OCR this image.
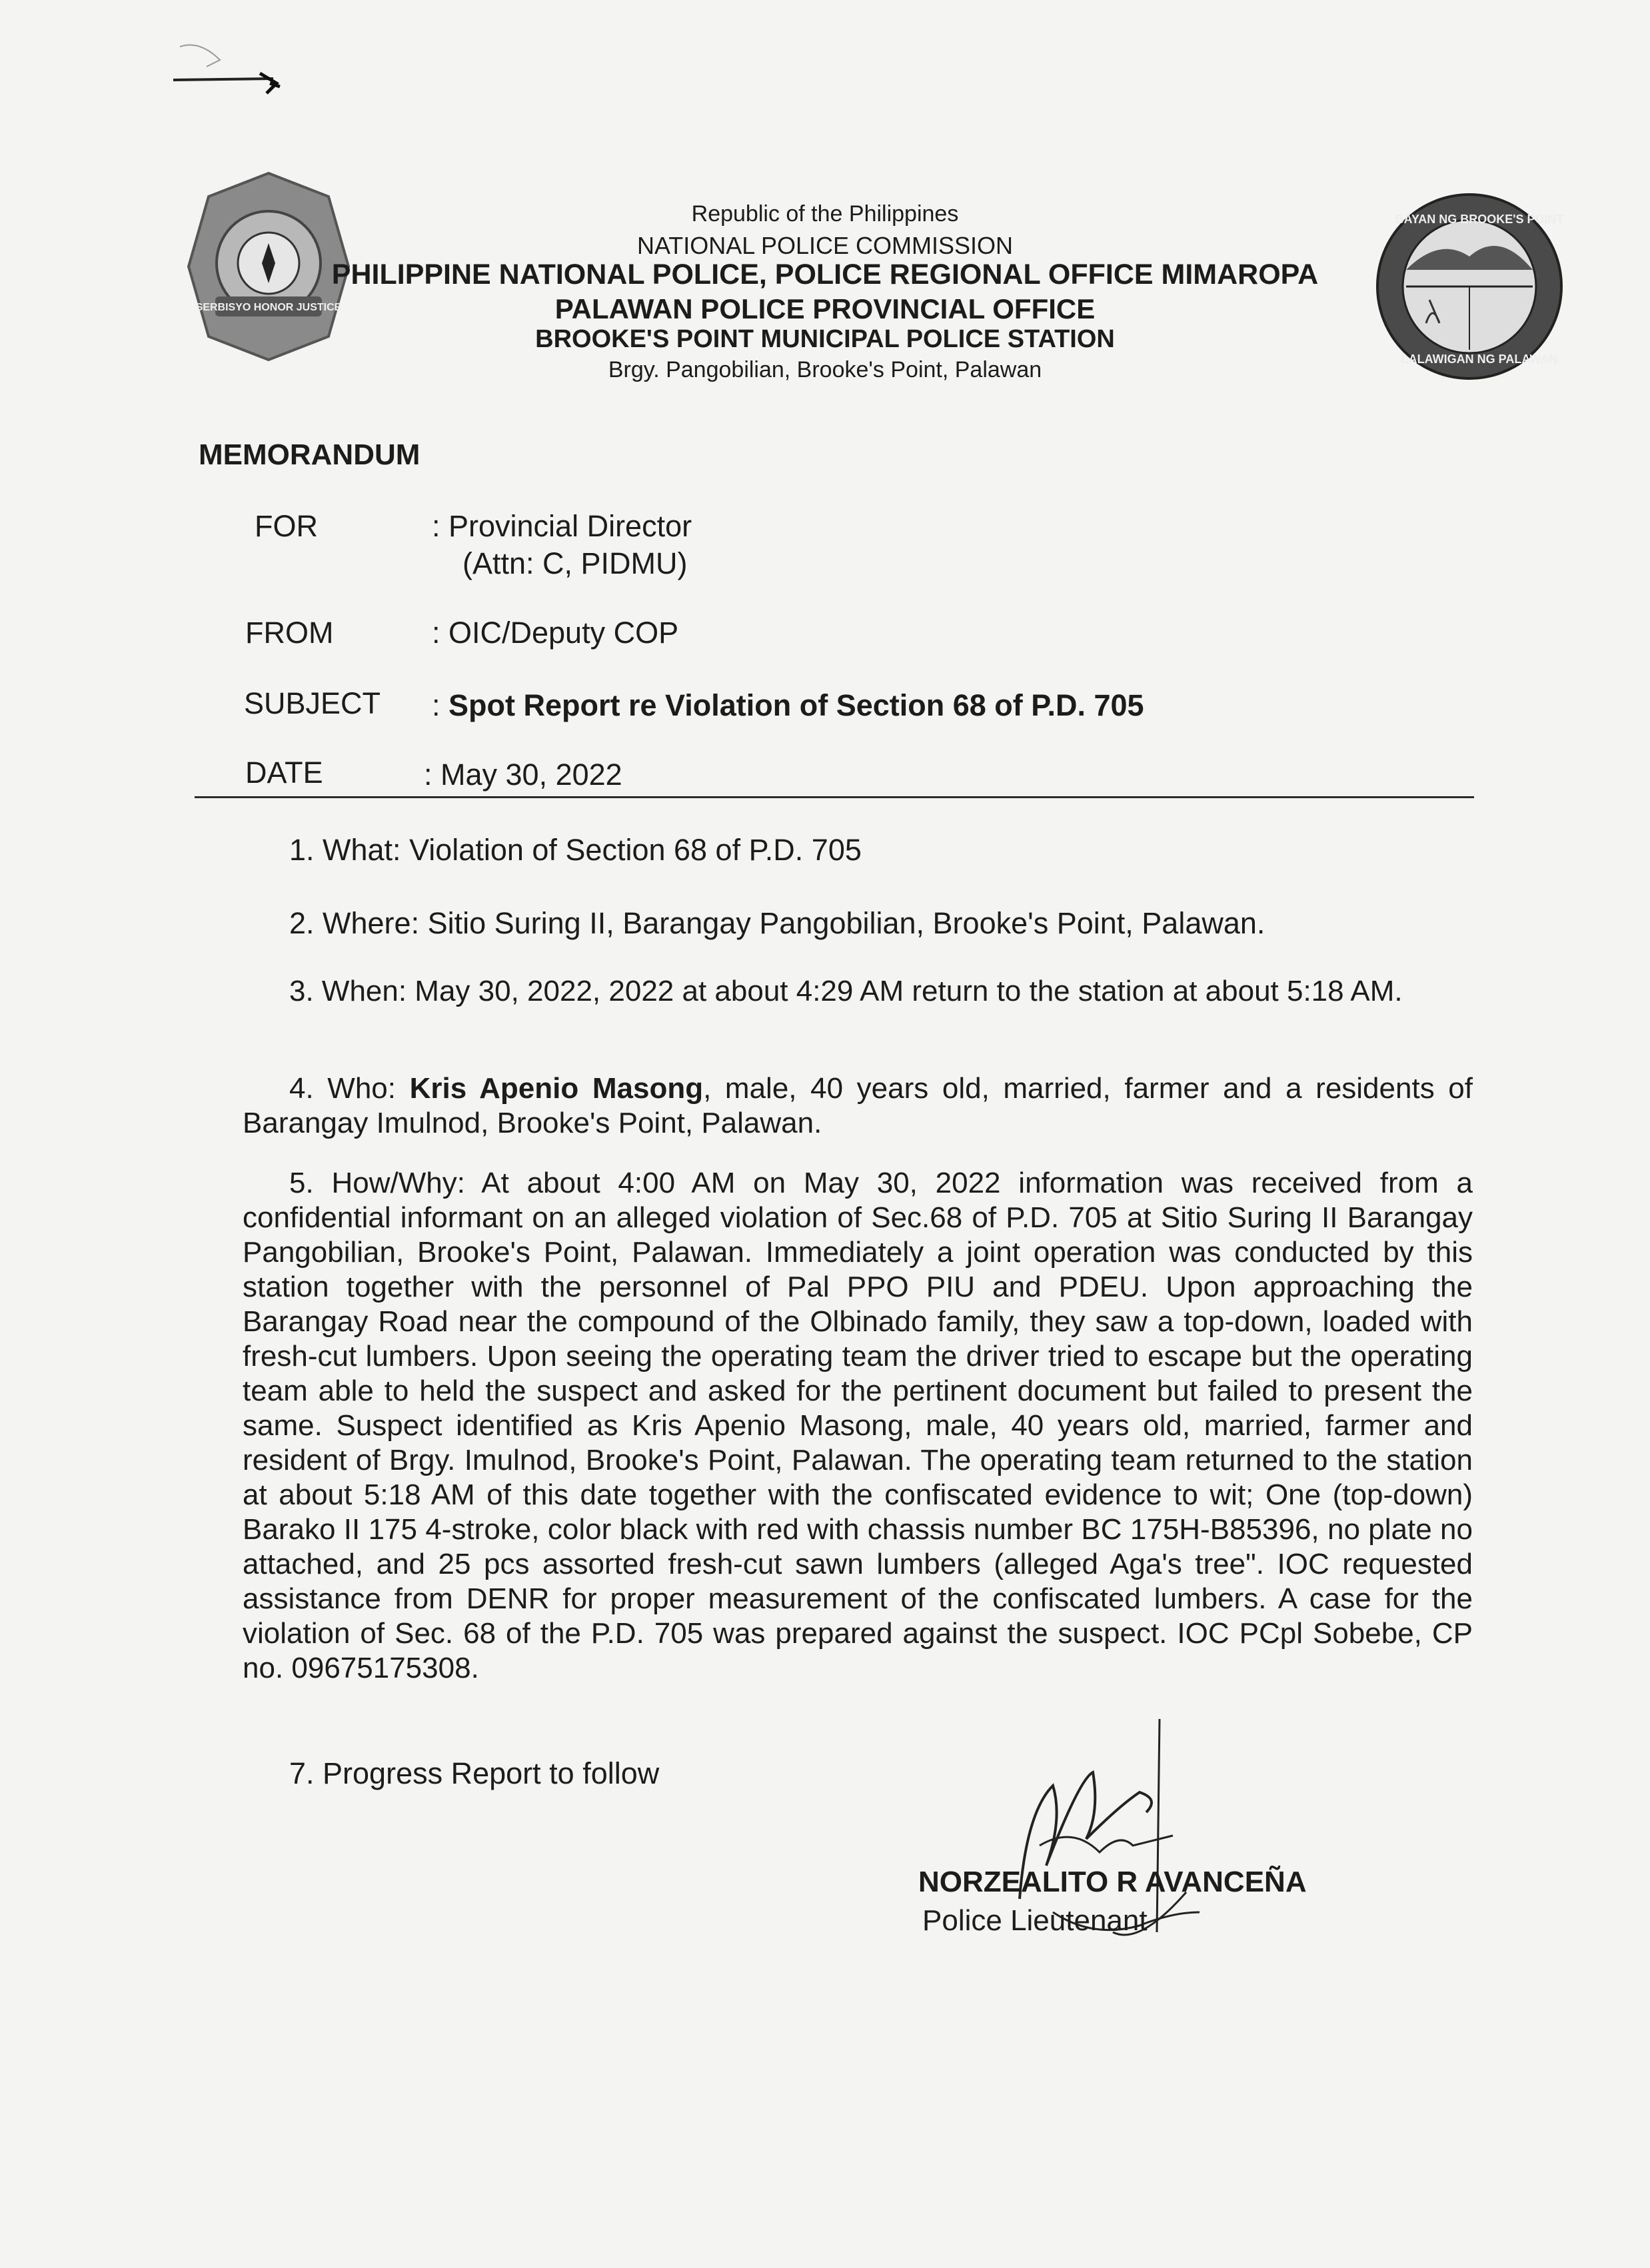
SERBISYO HONOR JUSTICE
BAYAN NG BROOKE'S POINT
LALAWIGAN NG PALAWAN
Republic of the Philippines
NATIONAL POLICE COMMISSION
PHILIPPINE NATIONAL POLICE, POLICE REGIONAL OFFICE MIMAROPA
PALAWAN POLICE PROVINCIAL OFFICE
BROOKE'S POINT MUNICIPAL POLICE STATION
Brgy. Pangobilian, Brooke's Point, Palawan
MEMORANDUM
FOR	: Provincial Director
(Attn: C, PIDMU)
FROM	: OIC/Deputy COP
SUBJECT : Spot Report re Violation of Section 68 of P.D. 705
DATE	: May 30, 2022
1. What: Violation of Section 68 of P.D. 705
2. Where: Sitio Suring II, Barangay Pangobilian, Brooke's Point, Palawan.
3. When: May 30, 2022, 2022 at about 4:29 AM return to the station at about 5:18 AM.
4. Who: Kris Apenio Masong, male, 40 years old, married, farmer and a residents of Barangay Imulnod, Brooke's Point, Palawan.
5. How/Why: At about 4:00 AM on May 30, 2022 information was received from a confidential informant on an alleged violation of Sec.68 of P.D. 705 at Sitio Suring II Barangay Pangobilian, Brooke's Point, Palawan. Immediately a joint operation was conducted by this station together with the personnel of Pal PPO PIU and PDEU. Upon approaching the Barangay Road near the compound of the Olbinado family, they saw a top-down, loaded with fresh-cut lumbers. Upon seeing the operating team the driver tried to escape but the operating team able to held the suspect and asked for the pertinent document but failed to present the same. Suspect identified as Kris Apenio Masong, male, 40 years old, married, farmer and resident of Brgy. Imulnod, Brooke's Point, Palawan. The operating team returned to the station at about 5:18 AM of this date together with the confiscated evidence to wit; One (top-down) Barako II 175 4-stroke, color black with red with chassis number BC 175H-B85396, no plate no attached, and 25 pcs assorted fresh-cut sawn lumbers (alleged Aga's tree". IOC requested assistance from DENR for proper measurement of the confiscated lumbers. A case for the violation of Sec. 68 of the P.D. 705 was prepared against the suspect. IOC PCpl Sobebe, CP no. 09675175308.
7. Progress Report to follow
NORZEALITO R AVANCEÑA
Police Lieutenant
